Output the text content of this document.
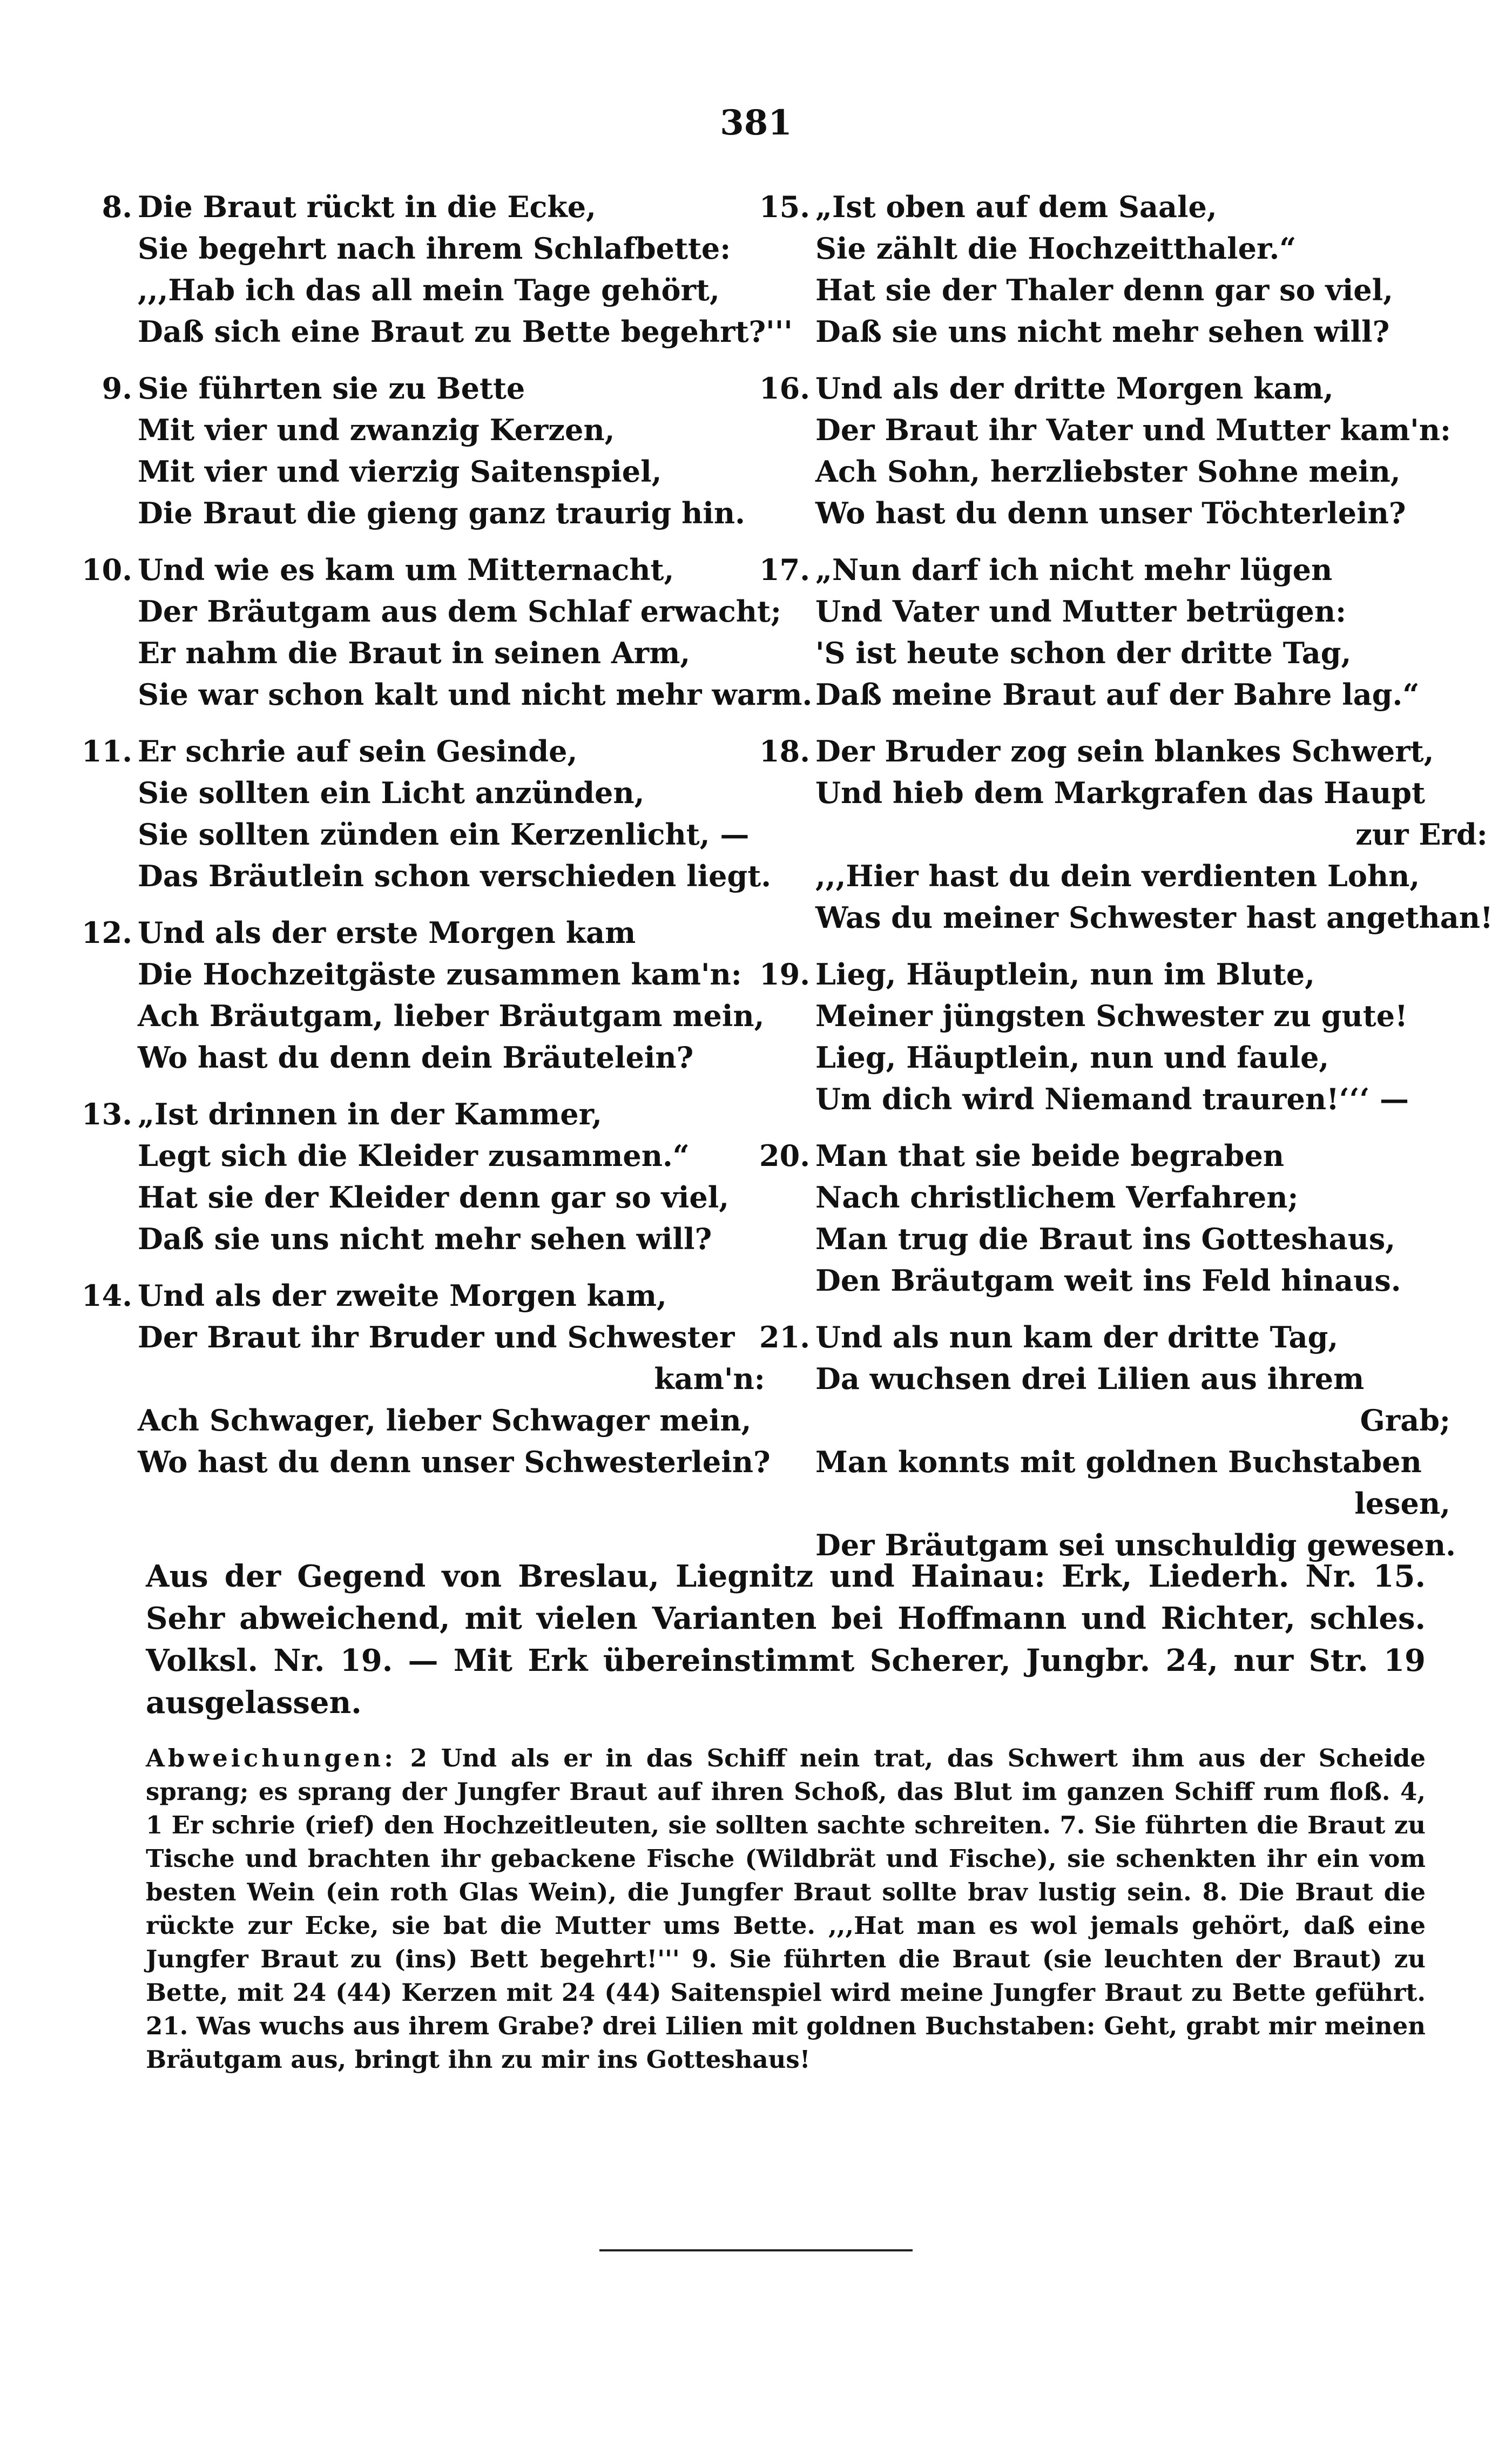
381
8. Die Braut rückt in die Ecke,
Sie begehrt nach ihrem Schlafbette:
,,,Hab ich das all mein Tage gehört,
Daß sich eine Braut zu Bette begehrt?'''
9. Sie führten sie zu Bette
Mit vier und zwanzig Kerzen,
Mit vier und vierzig Saitenspiel,
Die Braut die gieng ganz traurig hin.
10. Und wie es kam um Mitternacht,
Der Bräutgam aus dem Schlaf erwacht;
Er nahm die Braut in seinen Arm,
Sie war schon kalt und nicht mehr warm.
11. Er schrie auf sein Gesinde,
Sie sollten ein Licht anzünden,
Sie sollten zünden ein Kerzenlicht, —
Das Bräutlein schon verschieden liegt.
12. Und als der erste Morgen kam
Die Hochzeitgäste zusammen kam'n:
Ach Bräutgam, lieber Bräutgam mein,
Wo hast du denn dein Bräutelein?
13. „Ist drinnen in der Kammer,
Legt sich die Kleider zusammen.“
Hat sie der Kleider denn gar so viel,
Daß sie uns nicht mehr sehen will?
14. Und als der zweite Morgen kam,
Der Braut ihr Bruder und Schwester
kam'n:
Ach Schwager, lieber Schwager mein,
Wo hast du denn unser Schwesterlein?
15. „Ist oben auf dem Saale,
Sie zählt die Hochzeitthaler.“
Hat sie der Thaler denn gar so viel,
Daß sie uns nicht mehr sehen will?
16. Und als der dritte Morgen kam,
Der Braut ihr Vater und Mutter kam'n:
Ach Sohn, herzliebster Sohne mein,
Wo hast du denn unser Töchterlein?
17. „Nun darf ich nicht mehr lügen
Und Vater und Mutter betrügen:
'S ist heute schon der dritte Tag,
Daß meine Braut auf der Bahre lag.“
18. Der Bruder zog sein blankes Schwert,
Und hieb dem Markgrafen das Haupt
zur Erd:
,,,Hier hast du dein verdienten Lohn,
Was du meiner Schwester hast angethan!
19. Lieg, Häuptlein, nun im Blute,
Meiner jüngsten Schwester zu gute!
Lieg, Häuptlein, nun und faule,
Um dich wird Niemand trauren!‘‘‘ —
20. Man that sie beide begraben
Nach christlichem Verfahren;
Man trug die Braut ins Gotteshaus,
Den Bräutgam weit ins Feld hinaus.
21. Und als nun kam der dritte Tag,
Da wuchsen drei Lilien aus ihrem
Grab;
Man konnts mit goldnen Buchstaben
lesen,
Der Bräutgam sei unschuldig gewesen.
Aus der Gegend von Breslau, Liegnitz und Hainau: Erk, Liederh. Nr. 15. Sehr abweichend, mit vielen Varianten bei Hoffmann und Richter, schles. Volksl. Nr. 19. — Mit Erk übereinstimmt Scherer, Jungbr. 24, nur Str. 19 ausgelassen.
Abweichungen: 2 Und als er in das Schiff nein trat, das Schwert ihm aus der Scheide sprang; es sprang der Jungfer Braut auf ihren Schoß, das Blut im ganzen Schiff rum floß. 4, 1 Er schrie (rief) den Hochzeitleuten, sie sollten sachte schreiten. 7. Sie führten die Braut zu Tische und brachten ihr gebackene Fische (Wildbrät und Fische), sie schenkten ihr ein vom besten Wein (ein roth Glas Wein), die Jungfer Braut sollte brav lustig sein. 8. Die Braut die rückte zur Ecke, sie bat die Mutter ums Bette. ,,,Hat man es wol jemals gehört, daß eine Jungfer Braut zu (ins) Bett begehrt!''' 9. Sie führten die Braut (sie leuchten der Braut) zu Bette, mit 24 (44) Kerzen mit 24 (44) Saitenspiel wird meine Jungfer Braut zu Bette geführt. 21. Was wuchs aus ihrem Grabe? drei Lilien mit goldnen Buchstaben: Geht, grabt mir meinen Bräutgam aus, bringt ihn zu mir ins Gotteshaus!
